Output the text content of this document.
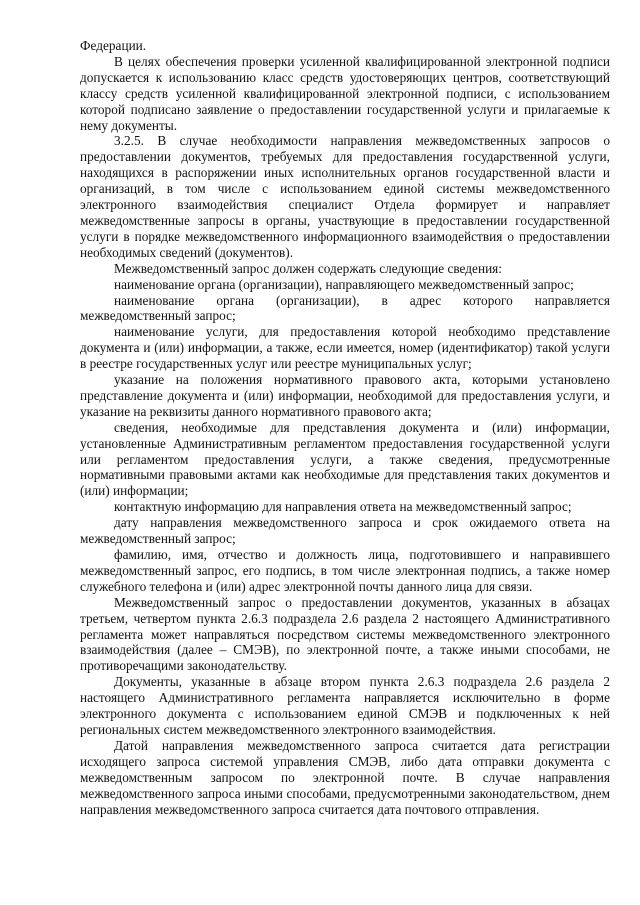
Федерации.

В целях обеспечения проверки усиленной квалифицированной электронной подписи допускается к использованию класс средств удостоверяющих центров, соответствующий классу средств усиленной квалифицированной электронной подписи, с использованием которой подписано заявление о предоставлении государственной услуги и прилагаемые к нему документы.

3.2.5. В случае необходимости направления межведомственных запросов о предоставлении документов, требуемых для предоставления государственной услуги, находящихся в распоряжении иных исполнительных органов государственной власти и организаций, в том числе с использованием единой системы межведомственного электронного взаимодействия специалист Отдела формирует и направляет межведомственные запросы в органы, участвующие в предоставлении государственной услуги в порядке межведомственного информационного взаимодействия о предоставлении необходимых сведений (документов).

Межведомственный запрос должен содержать следующие сведения:

наименование органа (организации), направляющего межведомственный запрос;

наименование органа (организации), в адрес которого направляется межведомственный запрос;

наименование услуги, для предоставления которой необходимо представление документа и (или) информации, а также, если имеется, номер (идентификатор) такой услуги в реестре государственных услуг или реестре муниципальных услуг;

указание на положения нормативного правового акта, которыми установлено представление документа и (или) информации, необходимой для предоставления услуги, и указание на реквизиты данного нормативного правового акта;

сведения, необходимые для представления документа и (или) информации, установленные Административным регламентом предоставления государственной услуги или регламентом предоставления услуги, а также сведения, предусмотренные нормативными правовыми актами как необходимые для представления таких документов и (или) информации;

контактную информацию для направления ответа на межведомственный запрос;

дату направления межведомственного запроса и срок ожидаемого ответа на межведомственный запрос;

фамилию, имя, отчество и должность лица, подготовившего и направившего межведомственный запрос, его подпись, в том числе электронная подпись, а также номер служебного телефона и (или) адрес электронной почты данного лица для связи.

Межведомственный запрос о предоставлении документов, указанных в абзацах третьем, четвертом пункта 2.6.3 подраздела 2.6 раздела 2 настоящего Административного регламента может направляться посредством системы межведомственного электронного взаимодействия (далее – СМЭВ), по электронной почте, а также иными способами, не противоречащими законодательству.

Документы, указанные в абзаце втором пункта 2.6.3 подраздела 2.6 раздела 2 настоящего Административного регламента направляется исключительно в форме электронного документа с использованием единой СМЭВ и подключенных к ней региональных систем межведомственного электронного взаимодействия.

Датой направления межведомственного запроса считается дата регистрации исходящего запроса системой управления СМЭВ, либо дата отправки документа с межведомственным запросом по электронной почте. В случае направления межведомственного запроса иными способами, предусмотренными законодательством, днем направления межведомственного запроса считается дата почтового отправления.
